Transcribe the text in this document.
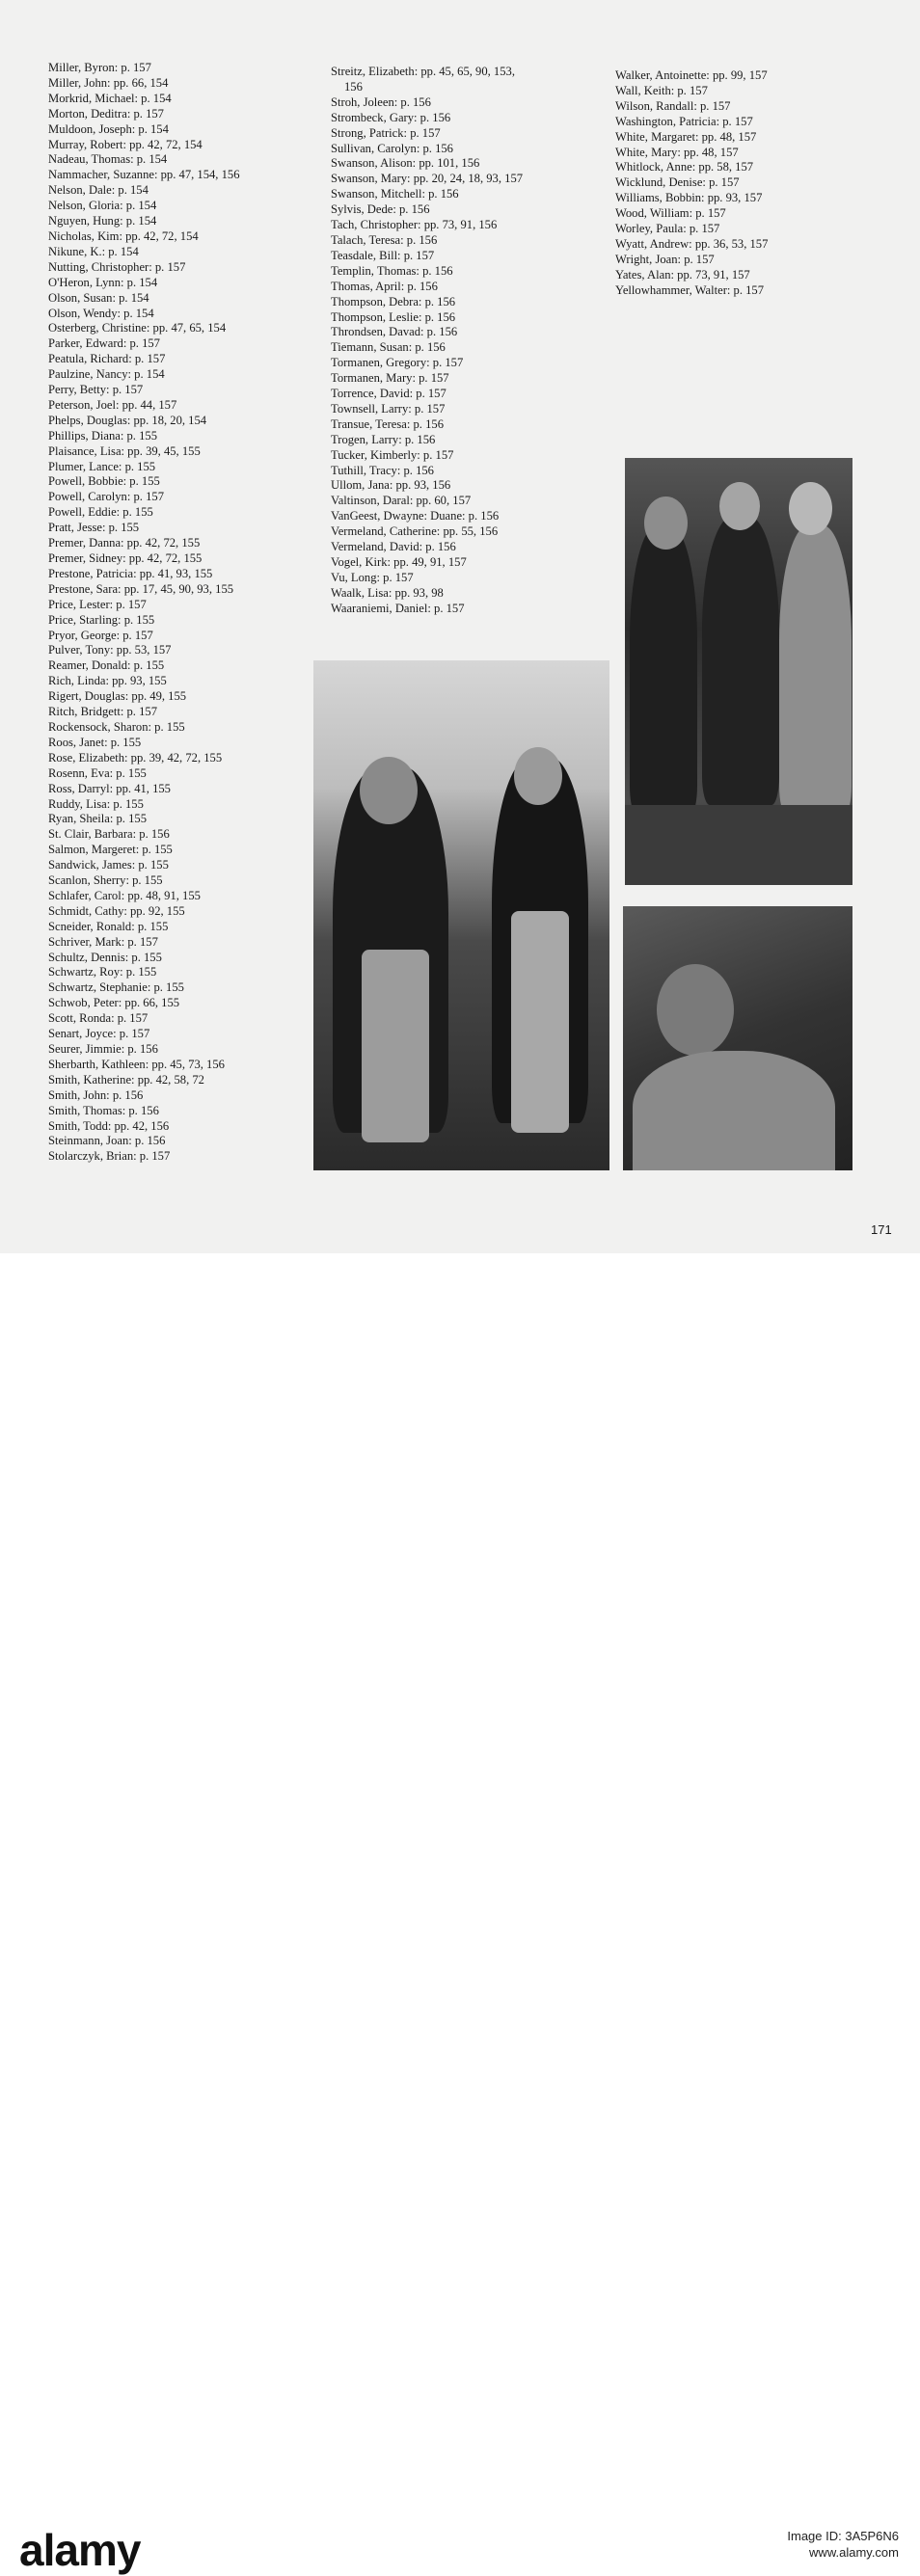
Miller, Byron: p. 157
Miller, John: pp. 66, 154
Morkrid, Michael: p. 154
Morton, Deditra: p. 157
Muldoon, Joseph: p. 154
Murray, Robert: pp. 42, 72, 154
Nadeau, Thomas: p. 154
Nammacher, Suzanne: pp. 47, 154, 156
Nelson, Dale: p. 154
Nelson, Gloria: p. 154
Nguyen, Hung: p. 154
Nicholas, Kim: pp. 42, 72, 154
Nikune, K.: p. 154
Nutting, Christopher: p. 157
O'Heron, Lynn: p. 154
Olson, Susan: p. 154
Olson, Wendy: p. 154
Osterberg, Christine: pp. 47, 65, 154
Parker, Edward: p. 157
Peatula, Richard: p. 157
Paulzine, Nancy: p. 154
Perry, Betty: p. 157
Peterson, Joel: pp. 44, 157
Phelps, Douglas: pp. 18, 20, 154
Phillips, Diana: p. 155
Plaisance, Lisa: pp. 39, 45, 155
Plumer, Lance: p. 155
Powell, Bobbie: p. 155
Powell, Carolyn: p. 157
Powell, Eddie: p. 155
Pratt, Jesse: p. 155
Premer, Danna: pp. 42, 72, 155
Premer, Sidney: pp. 42, 72, 155
Prestone, Patricia: pp. 41, 93, 155
Prestone, Sara: pp. 17, 45, 90, 93, 155
Price, Lester: p. 157
Price, Starling: p. 155
Pryor, George: p. 157
Pulver, Tony: pp. 53, 157
Reamer, Donald: p. 155
Rich, Linda: pp. 93, 155
Rigert, Douglas: pp. 49, 155
Ritch, Bridgett: p. 157
Rockensock, Sharon: p. 155
Roos, Janet: p. 155
Rose, Elizabeth: pp. 39, 42, 72, 155
Rosenn, Eva: p. 155
Ross, Darryl: pp. 41, 155
Ruddy, Lisa: p. 155
Ryan, Sheila: p. 155
St. Clair, Barbara: p. 156
Salmon, Margeret: p. 155
Sandwick, James: p. 155
Scanlon, Sherry: p. 155
Schlafer, Carol: pp. 48, 91, 155
Schmidt, Cathy: pp. 92, 155
Scneider, Ronald: p. 155
Schriver, Mark: p. 157
Schultz, Dennis: p. 155
Schwartz, Roy: p. 155
Schwartz, Stephanie: p. 155
Schwob, Peter: pp. 66, 155
Scott, Ronda: p. 157
Senart, Joyce: p. 157
Seurer, Jimmie: p. 156
Sherbarth, Kathleen: pp. 45, 73, 156
Smith, Katherine: pp. 42, 58, 72
Smith, John: p. 156
Smith, Thomas: p. 156
Smith, Todd: pp. 42, 156
Steinmann, Joan: p. 156
Stolarczyk, Brian: p. 157
Streitz, Elizabeth: pp. 45, 65, 90, 153,
156
Stroh, Joleen: p. 156
Strombeck, Gary: p. 156
Strong, Patrick: p. 157
Sullivan, Carolyn: p. 156
Swanson, Alison: pp. 101, 156
Swanson, Mary: pp. 20, 24, 18, 93, 157
Swanson, Mitchell: p. 156
Sylvis, Dede: p. 156
Tach, Christopher: pp. 73, 91, 156
Talach, Teresa: p. 156
Teasdale, Bill: p. 157
Templin, Thomas: p. 156
Thomas, April: p. 156
Thompson, Debra: p. 156
Thompson, Leslie: p. 156
Throndsen, Davad: p. 156
Tiemann, Susan: p. 156
Tormanen, Gregory: p. 157
Tormanen, Mary: p. 157
Torrence, David: p. 157
Townsell, Larry: p. 157
Transue, Teresa: p. 156
Trogen, Larry: p. 156
Tucker, Kimberly: p. 157
Tuthill, Tracy: p. 156
Ullom, Jana: pp. 93, 156
Valtinson, Daral: pp. 60, 157
VanGeest, Dwayne: Duane: p. 156
Vermeland, Catherine: pp. 55, 156
Vermeland, David: p. 156
Vogel, Kirk: pp. 49, 91, 157
Vu, Long: p. 157
Waalk, Lisa: pp. 93, 98
Waaraniemi, Daniel: p. 157
Walker, Antoinette: pp. 99, 157
Wall, Keith: p. 157
Wilson, Randall: p. 157
Washington, Patricia: p. 157
White, Margaret: pp. 48, 157
White, Mary: pp. 48, 157
Whitlock, Anne: pp. 58, 157
Wicklund, Denise: p. 157
Williams, Bobbin: pp. 93, 157
Wood, William: p. 157
Worley, Paula: p. 157
Wyatt, Andrew: pp. 36, 53, 157
Wright, Joan: p. 157
Yates, Alan: pp. 73, 91, 157
Yellowhammer, Walter: p. 157
171
alamy	Image ID: 3A5P6N6
www.alamy.com
